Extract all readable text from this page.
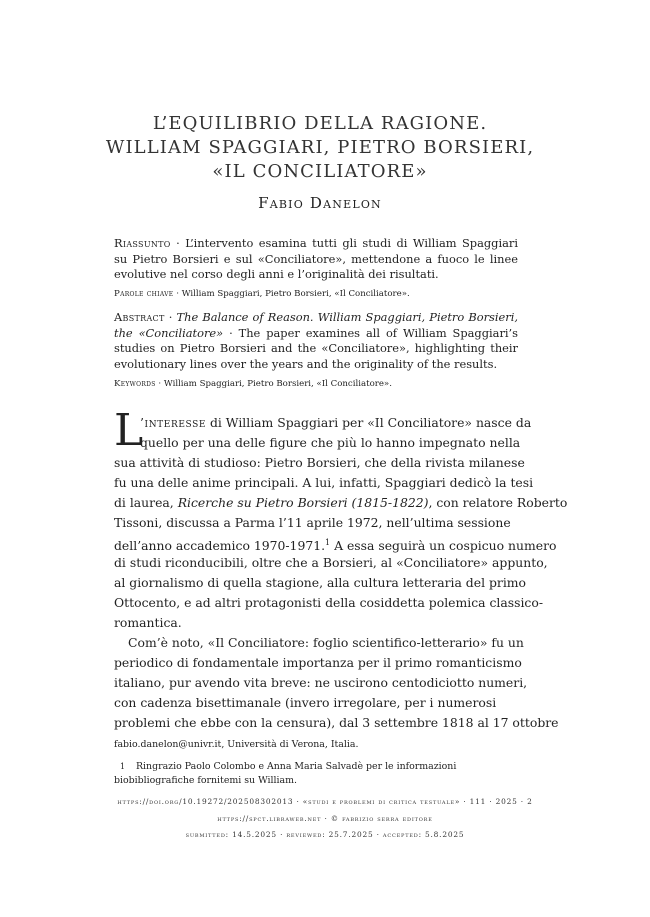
L’EQUILIBRIO DELLA RAGIONE.
WILLIAM SPAGGIARI, PIETRO BORSIERI,
«IL CONCILIATORE»
Fabio Danelon
Riassunto · L’intervento esamina tutti gli studi di William Spaggiari su Pietro Borsieri e sul «Conciliatore», mettendone a fuoco le linee evolutive nel corso degli anni e l’originalità dei risultati.
Parole chiave · William Spaggiari, Pietro Borsieri, «Il Conciliatore».
Abstract · The Balance of Reason. William Spaggiari, Pietro Borsieri, the «Conciliatore» · The paper examines all of William Spaggiari’s studies on Pietro Borsieri and the «Conciliatore», highlighting their evolutionary lines over the years and the originality of the results.
Keywords · William Spaggiari, Pietro Borsieri, «Il Conciliatore».
L
’interesse di William Spaggiari per «Il Conciliatore» nasce da
quello per una delle figure che più lo hanno impegnato nella
sua attività di studioso: Pietro Borsieri, che della rivista milanese
fu una delle anime principali. A lui, infatti, Spaggiari dedicò la tesi
di laurea, Ricerche su Pietro Borsieri (1815-1822), con relatore Roberto
Tissoni, discussa a Parma l’11 aprile 1972, nell’ultima sessione
dell’anno accademico 1970-1971.$^1$ A essa seguirà un cospicuo numero
di studi riconducibili, oltre che a Borsieri, al «Conciliatore» appunto,
al giornalismo di quella stagione, alla cultura letteraria del primo
Ottocento, e ad altri protagonisti della cosiddetta polemica classico-
romantica.
Com’è noto, «Il Conciliatore: foglio scientifico-letterario» fu un
periodico di fondamentale importanza per il primo romanticismo
italiano, pur avendo vita breve: ne uscirono centodiciotto numeri,
con cadenza bisettimanale (invero irregolare, per i numerosi
problemi che ebbe con la censura), dal 3 settembre 1818 al 17 ottobre
fabio.danelon@univr.it, Università di Verona, Italia.
1 Ringrazio Paolo Colombo e Anna Maria Salvadè per le informazioni biobibliografiche fornitemi su William.
https://doi.org/10.19272/202508302013 · «studi e problemi di critica testuale» · 111 · 2025 · 2
https://spct.libraweb.net · © fabrizio serra editore
submitted: 14.5.2025 · reviewed: 25.7.2025 · accepted: 5.8.2025
